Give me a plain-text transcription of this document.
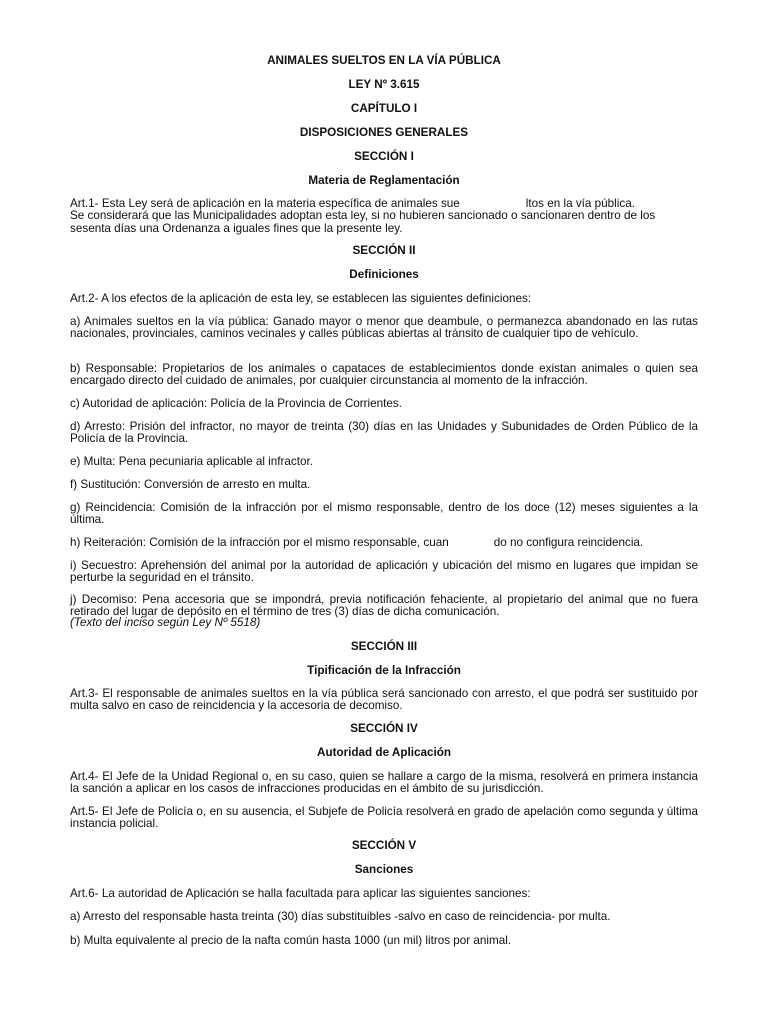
ANIMALES SUELTOS EN LA VÍA PÚBLICA
LEY Nº 3.615
CAPÍTULO I
DISPOSICIONES GENERALES
SECCIÓN I
Materia de Reglamentación
Art.1- Esta Ley será de aplicación en la materia específica de animales sue	ltos en la vía pública.
Se considerará que las Municipalidades adoptan esta ley, si no hubieren sancionado o sancionaren dentro de los sesenta días una Ordenanza a iguales fines que la presente ley.
SECCIÓN II
Definiciones
Art.2- A los efectos de la aplicación de esta ley, se establecen las siguientes definiciones:
a) Animales sueltos en la vía pública: Ganado mayor o menor que deambule, o permanezca abandonado en las rutas nacionales, provinciales, caminos vecinales y calles públicas abiertas al tránsito de cualquier tipo de vehículo.
b) Responsable: Propietarios de los animales o capataces de establecimientos donde existan animales o quien sea encargado directo del cuidado de animales, por cualquier circunstancia al momento de la infracción.
c) Autoridad de aplicación: Policía de la Provincia de Corrientes.
d) Arresto: Prisión del infractor, no mayor de treinta (30) días en las Unidades y Subunidades de Orden Público de la Policía de la Provincia.
e) Multa: Pena pecuniaria aplicable al infractor.
f) Sustitución: Conversión de arresto en multa.
g) Reincidencia: Comisión de la infracción por el mismo responsable, dentro de los doce (12) meses siguientes a la última.
h) Reiteración: Comisión de la infracción por el mismo responsable, cuan	do no configura reincidencia.
i) Secuestro: Aprehensión del animal por la autoridad de aplicación y ubicación del mismo en lugares que impidan se perturbe la seguridad en el tránsito.
j) Decomiso: Pena accesoria que se impondrá, previa notificación fehaciente, al propietario del animal que no fuera retirado del lugar de depósito en el término de tres (3) días de dicha comunicación.
(Texto del inciso según Ley Nº 5518)
SECCIÓN III
Tipificación de la Infracción
Art.3- El responsable de animales sueltos en la vía pública será sancionado con arresto, el que podrá ser sustituido por multa salvo en caso de reincidencia y la accesoria de decomiso.
SECCIÓN IV
Autoridad de Aplicación
Art.4- El Jefe de la Unidad Regional o, en su caso, quien se hallare a cargo de la misma, resolverá en primera instancia la sanción a aplicar en los casos de infracciones producidas en el ámbito de su jurisdicción.
Art.5- El Jefe de Policía o, en su ausencia, el Subjefe de Policía resolverá en grado de apelación como segunda y última instancia policial.
SECCIÓN V
Sanciones
Art.6- La autoridad de Aplicación se halla facultada para aplicar las siguientes sanciones:
a) Arresto del responsable hasta treinta (30) días substituibles -salvo en caso de reincidencia- por multa.
b) Multa equivalente al precio de la nafta común hasta 1000 (un mil) litros por animal.
